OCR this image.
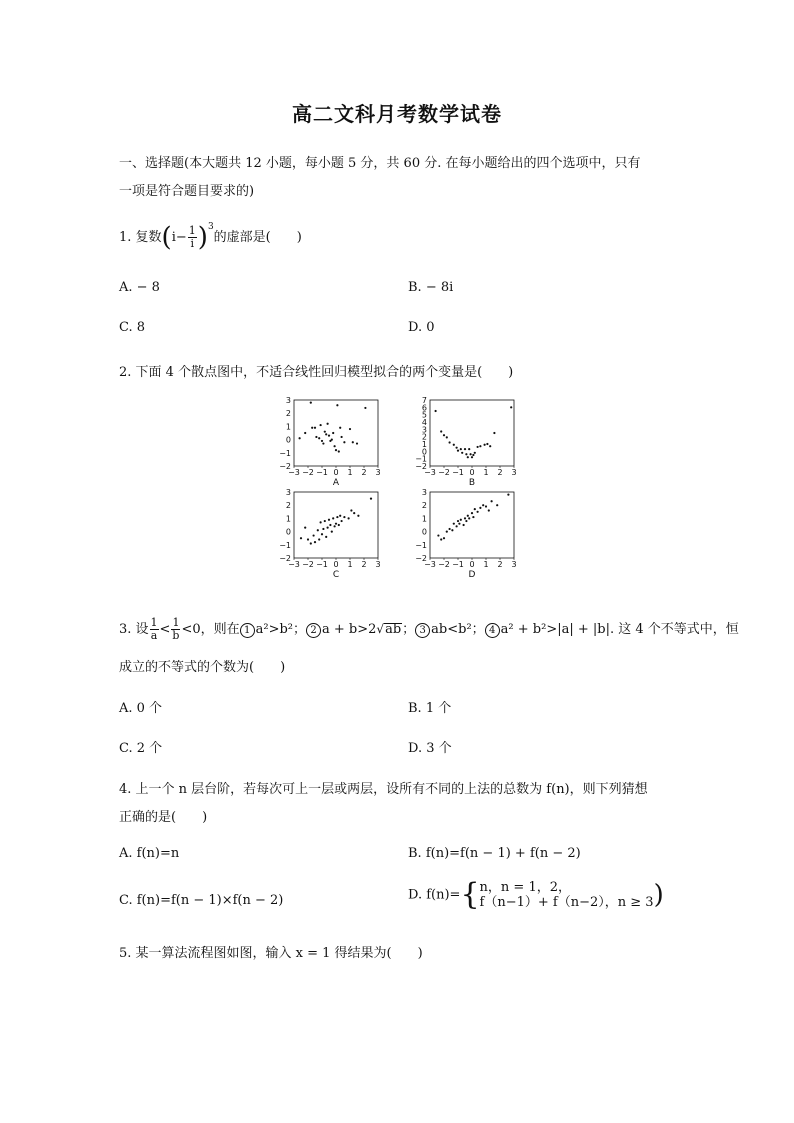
高二文科月考数学试卷
一、选择题(本大题共 12 小题，每小题 5 分，共 60 分. 在每小题给出的四个选项中，只有
一项是符合题目要求的)
1. 复数$(i- \frac{1}{i} )^3$的虚部是(　　)
A. − 8	B. − 8i
C. 8	D. 0
2. 下面 4 个散点图中，不适合线性回归模型拟合的两个变量是(　　)
−3 −2 −1 0 1 2 3
3
2
1
0
−1
−2
A
−3 −2 −1 0 1 2 3
7
6
5
4
3
2
1
0
−1
−2
B
−3 −2 −1 0 1 2 3
3
2
1
0
−1
−2
C
−3 −2 −1 0 1 2 3
3
2
1
0
−1
−2
D
3. 设 $\frac{1}{a} < \frac{1}{b} <0$，则在 1 a²>b²； 2 a + b>2√ab； 3 ab<b²； 4 a² + b²>|a| + |b|. 这 4 个不等式中，恒
成立的不等式的个数为(　　)
A. 0 个	B. 1 个
C. 2 个	D. 3 个
4. 上一个 n 层台阶，若每次可上一层或两层，设所有不同的上法的总数为 f(n)，则下列猜想
正确的是(　　)
A. f(n)=n	B. f(n)=f(n − 1) + f(n − 2)
C. f(n)=f(n − 1)×f(n − 2)	D. f(n)={ n，n = 1，2，
f（n−1）+ f（n−2），n ≥ 3 )
5. 某一算法流程图如图，输入 x = 1 得结果为(　　)
